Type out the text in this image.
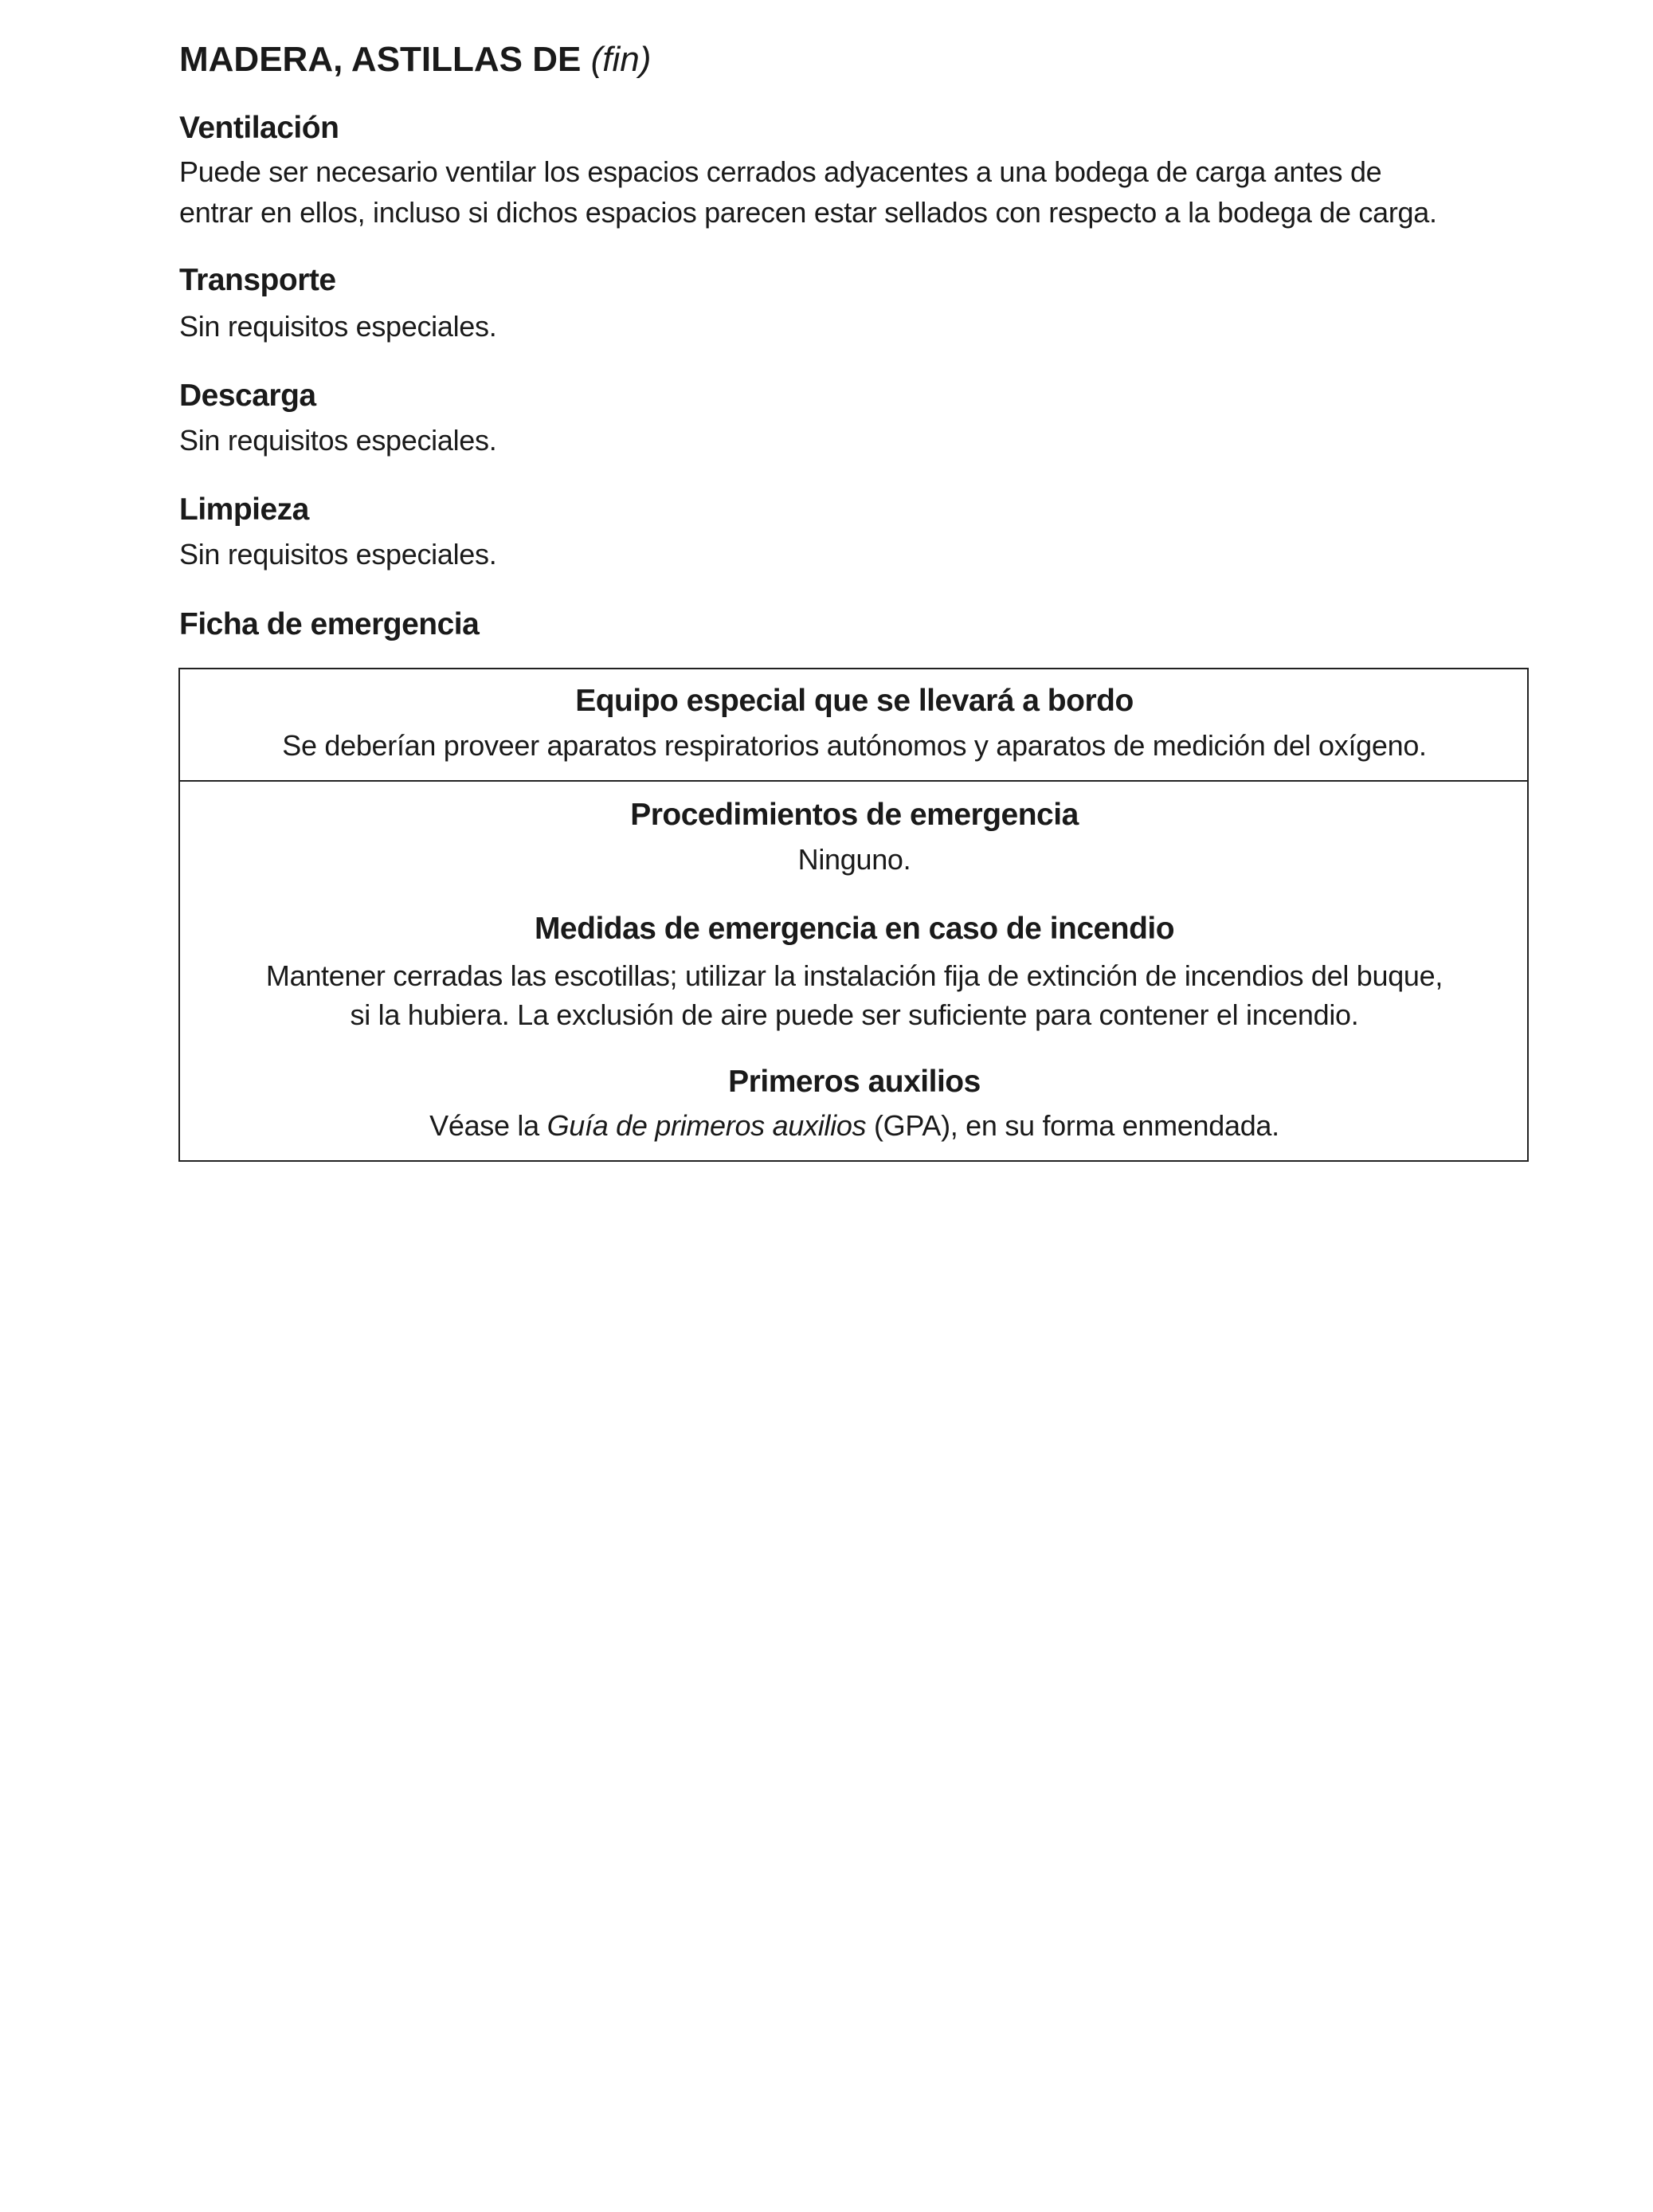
MADERA, ASTILLAS DE (fin)
Ventilación
Puede ser necesario ventilar los espacios cerrados adyacentes a una bodega de carga antes de
entrar en ellos, incluso si dichos espacios parecen estar sellados con respecto a la bodega de carga.
Transporte
Sin requisitos especiales.
Descarga
Sin requisitos especiales.
Limpieza
Sin requisitos especiales.
Ficha de emergencia
Equipo especial que se llevará a bordo
Se deberían proveer aparatos respiratorios autónomos y aparatos de medición del oxígeno.
Procedimientos de emergencia
Ninguno.
Medidas de emergencia en caso de incendio
Mantener cerradas las escotillas; utilizar la instalación fija de extinción de incendios del buque,
si la hubiera. La exclusión de aire puede ser suficiente para contener el incendio.
Primeros auxilios
Véase la Guía de primeros auxilios (GPA), en su forma enmendada.
